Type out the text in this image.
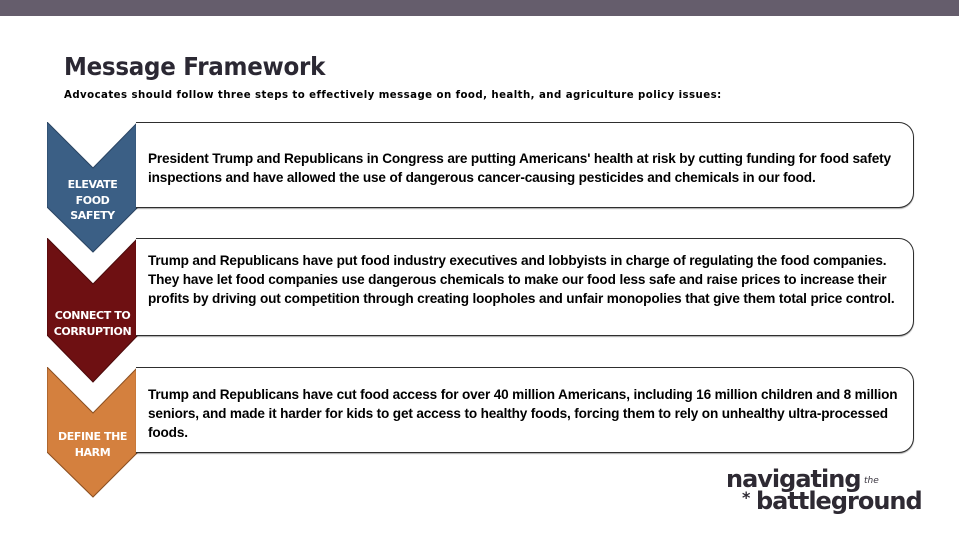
Message Framework

Advocates should follow three steps to effectively message on food, health, and agriculture policy issues:

ELEVATE
FOOD
SAFETY
President Trump and Republicans in Congress are putting Americans' health at risk by cutting funding for food safety inspections and have allowed the use of dangerous cancer-causing pesticides and chemicals in our food.
CONNECT TO
CORRUPTION
Trump and Republicans have put food industry executives and lobbyists in charge of regulating the food companies. They have let food companies use dangerous chemicals to make our food less safe and raise prices to increase their profits by driving out competition through creating loopholes and unfair monopolies that give them total price control.
DEFINE THE
HARM
Trump and Republicans have cut food access for over 40 million Americans, including 16 million children and 8 million seniors, and made it harder for kids to get access to healthy foods, forcing them to rely on unhealthy ultra-processed foods.
navigating the
* battleground
